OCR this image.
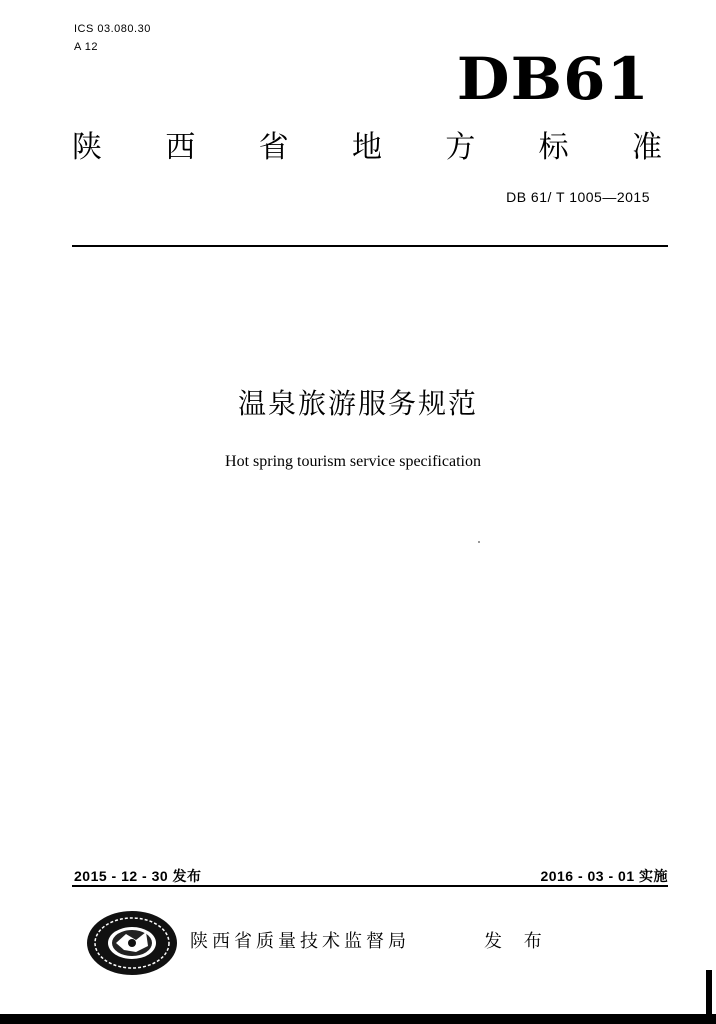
ICS 03.080.30
A 12	DB61
陕 西 省 地 方 标 准
DB 61/ T 1005—2015
温泉旅游服务规范
Hot spring tourism service specification
2015 - 12 - 30 发布	2016 - 03 - 01 实施
陕西省质量技术监督局	发 布
